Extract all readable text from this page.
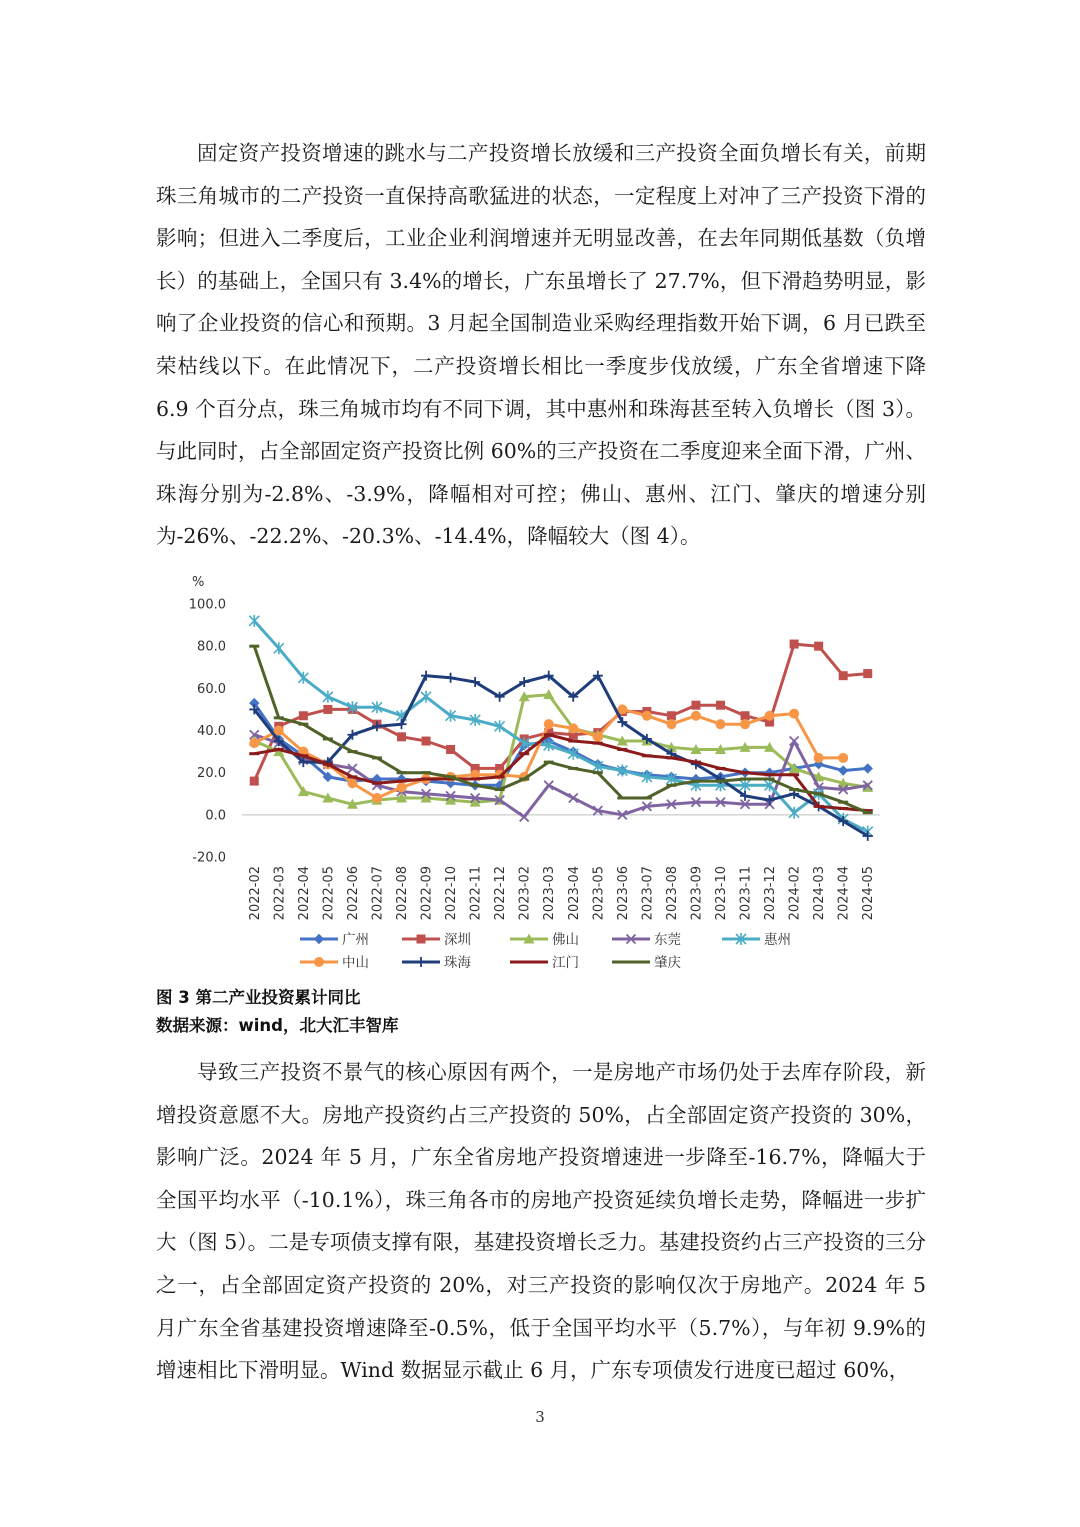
固定资产投资增速的跳水与二产投资增长放缓和三产投资全面负增长有关，前期珠三角城市的二产投资一直保持高歌猛进的状态，一定程度上对冲了三产投资下滑的影响；但进入二季度后，工业企业利润增速并无明显改善，在去年同期低基数（负增长）的基础上，全国只有 3.4%的增长，广东虽增长了 27.7%，但下滑趋势明显，影响了企业投资的信心和预期。3 月起全国制造业采购经理指数开始下调，6 月已跌至荣枯线以下。在此情况下，二产投资增长相比一季度步伐放缓，广东全省增速下降 6.9 个百分点，珠三角城市均有不同下调，其中惠州和珠海甚至转入负增长（图 3）。与此同时，占全部固定资产投资比例 60%的三产投资在二季度迎来全面下滑，广州、珠海分别为-2.8%、-3.9%，降幅相对可控；佛山、惠州、江门、肇庆的增速分别为-26%、-22.2%、-20.3%、-14.4%，降幅较大（图 4）。

%
-20.0
0.0
20.0
40.0
60.0
80.0
100.0
2022-02 2022-03 2022-04 2022-05 2022-06 2022-07 2022-08 2022-09 2022-10 2022-11 2022-12 2023-02 2023-03 2023-04 2023-05 2023-06 2023-07 2023-08 2023-09 2023-10 2023-11 2023-12 2024-02 2024-03 2024-04 2024-05
广州	深圳	佛山	东莞	惠州
中山	珠海	江门	肇庆
图 3 第二产业投资累计同比
数据来源：wind，北大汇丰智库

导致三产投资不景气的核心原因有两个，一是房地产市场仍处于去库存阶段，新增投资意愿不大。房地产投资约占三产投资的 50%，占全部固定资产投资的 30%，影响广泛。2024 年 5 月，广东全省房地产投资增速进一步降至-16.7%，降幅大于全国平均水平（-10.1%），珠三角各市的房地产投资延续负增长走势，降幅进一步扩大（图 5）。二是专项债支撑有限，基建投资增长乏力。基建投资约占三产投资的三分之一，占全部固定资产投资的 20%，对三产投资的影响仅次于房地产。2024 年 5 月广东全省基建投资增速降至-0.5%，低于全国平均水平（5.7%），与年初 9.9%的增速相比下滑明显。Wind 数据显示截止 6 月，广东专项债发行进度已超过 60%，

3
